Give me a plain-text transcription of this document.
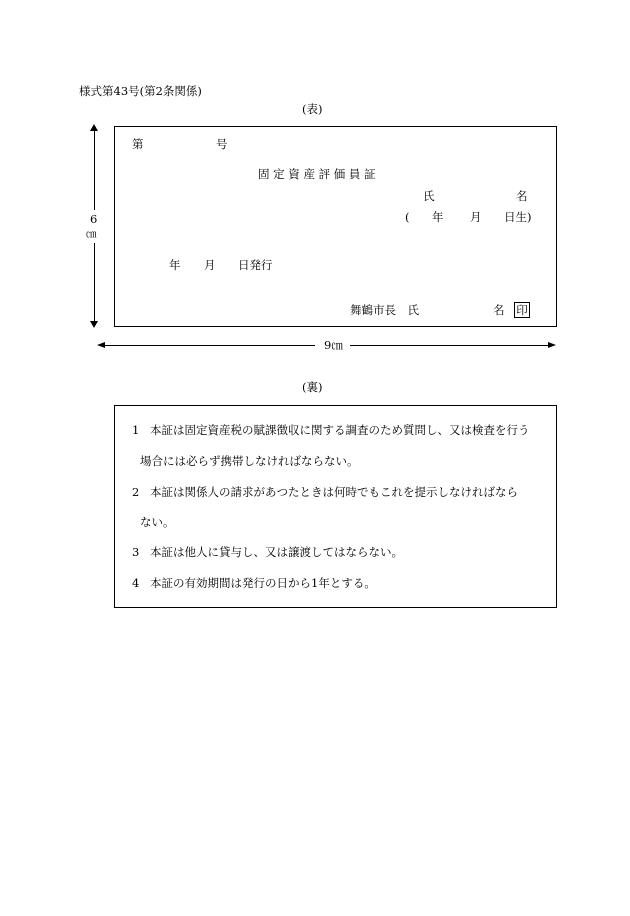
様式第43号(第2条関係)
(表)
6
㎝
第	号
固 定 資 産 評 価 員 証
氏	名
( 年 月 日生)
年 月 日発行
舞鶴市長　氏	名 印
9㎝
(裏)
1 本証は固定資産税の賦課徴収に関する調査のため質問し、又は検査を行う
場合には必らず携帯しなければならない。
2 本証は関係人の請求があつたときは何時でもこれを提示しなければなら
ない。
3 本証は他人に貸与し、又は譲渡してはならない。
4 本証の有効期間は発行の日から1年とする。
